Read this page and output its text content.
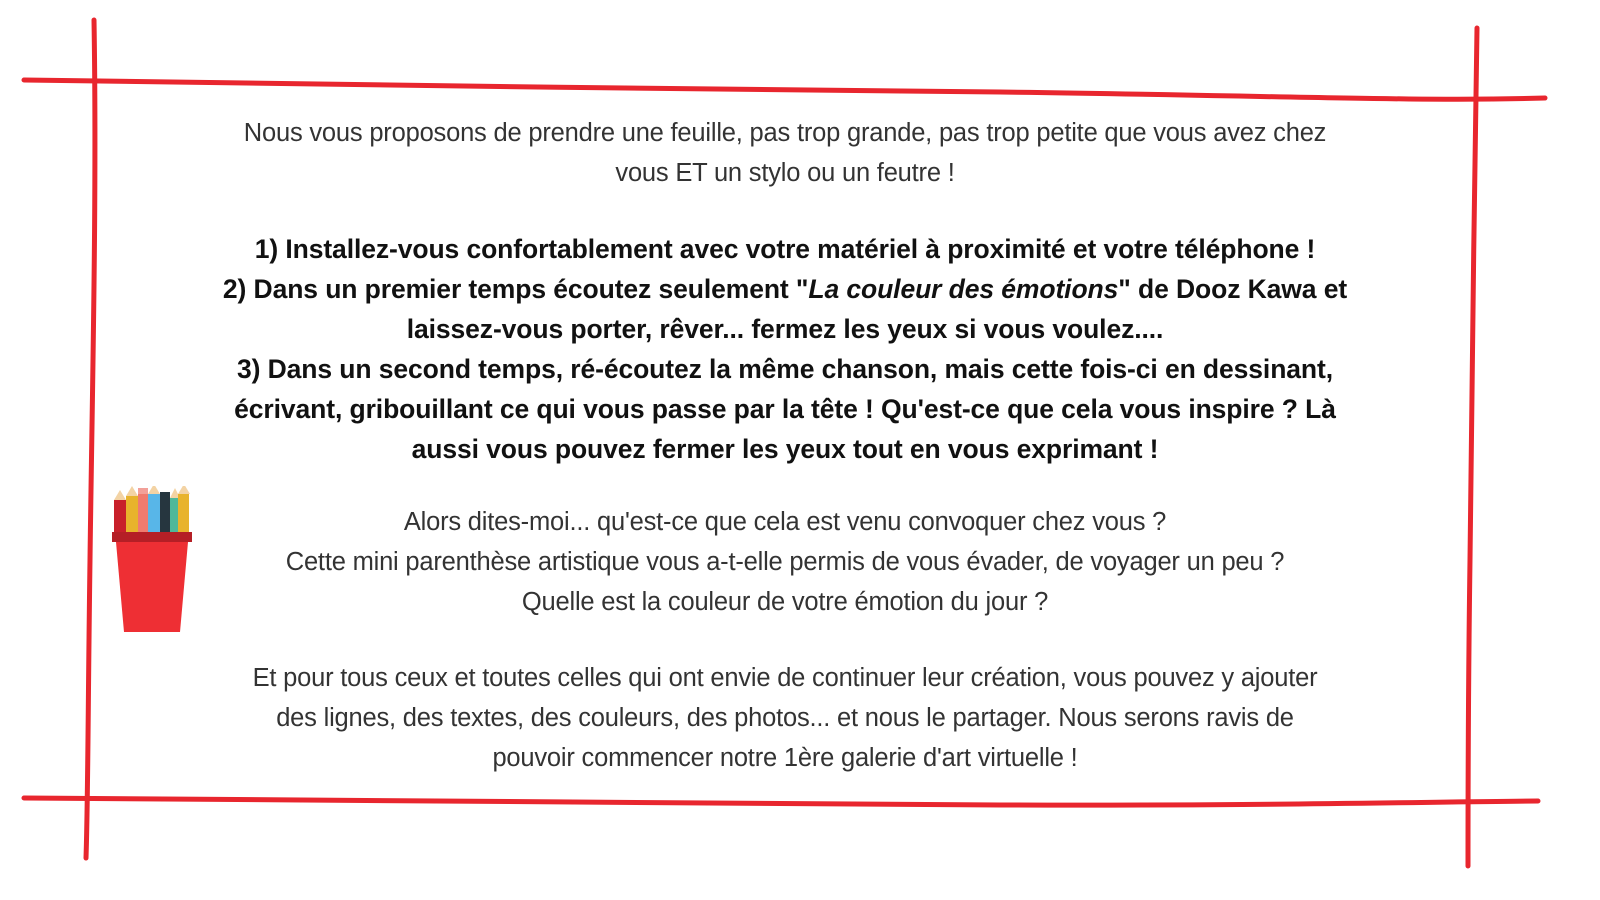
Nous vous proposons de prendre une feuille, pas trop grande, pas trop petite que vous avez chez
vous ET un stylo ou un feutre !
1) Installez-vous confortablement avec votre matériel à proximité et votre téléphone !
2) Dans un premier temps écoutez seulement "La couleur des émotions" de Dooz Kawa et
laissez-vous porter, rêver... fermez les yeux si vous voulez....
3) Dans un second temps, ré-écoutez la même chanson, mais cette fois-ci en dessinant,
écrivant, gribouillant ce qui vous passe par la tête ! Qu'est-ce que cela vous inspire ? Là
aussi vous pouvez fermer les yeux tout en vous exprimant !
Alors dites-moi... qu'est-ce que cela est venu convoquer chez vous ?
Cette mini parenthèse artistique vous a-t-elle permis de vous évader, de voyager un peu ?
Quelle est la couleur de votre émotion du jour ?
Et pour tous ceux et toutes celles qui ont envie de continuer leur création, vous pouvez y ajouter
des lignes, des textes, des couleurs, des photos... et nous le partager. Nous serons ravis de
pouvoir commencer notre 1ère galerie d'art virtuelle !
